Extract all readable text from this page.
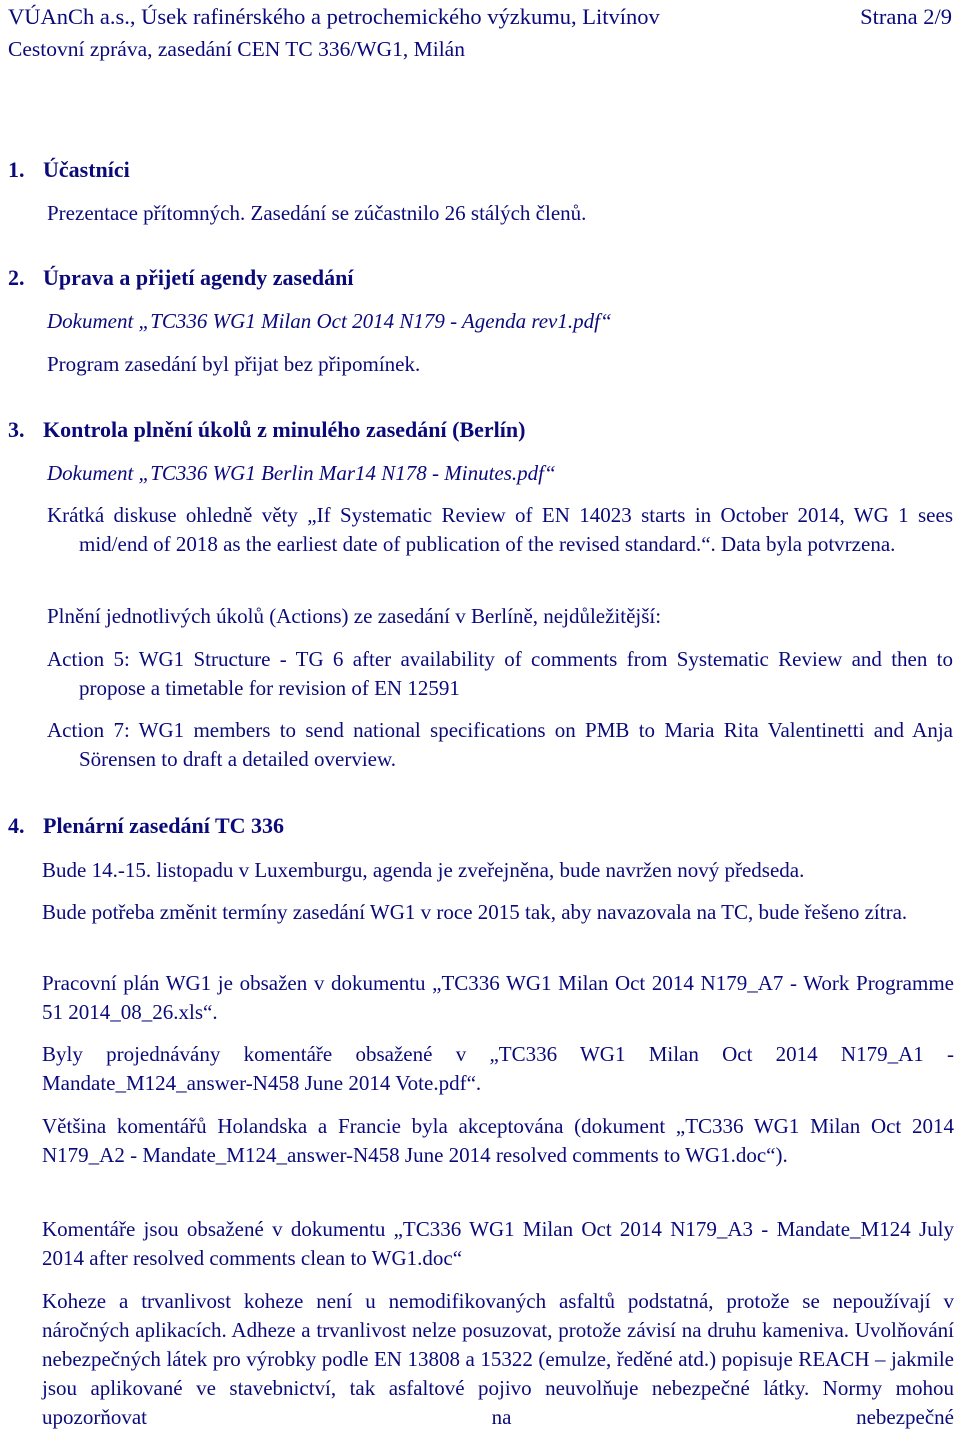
VÚAnCh a.s., Úsek rafinérského a petrochemického výzkumu, Litvínov	Strana 2/9
Cestovní zpráva, zasedání CEN TC 336/WG1, Milán
1. Účastníci
Prezentace přítomných. Zasedání se zúčastnilo 26 stálých členů.
2. Úprava a přijetí agendy zasedání
Dokument „TC336 WG1 Milan Oct 2014 N179 - Agenda rev1.pdf“
Program zasedání byl přijat bez připomínek.
3. Kontrola plnění úkolů z minulého zasedání (Berlín)
Dokument „TC336 WG1 Berlin Mar14 N178 - Minutes.pdf“
Krátká diskuse ohledně věty „If Systematic Review of EN 14023 starts in October 2014, WG 1 sees mid/end of 2018 as the earliest date of publication of the revised standard.“. Data byla potvrzena.
Plnění jednotlivých úkolů (Actions) ze zasedání v Berlíně, nejdůležitější:
Action 5: WG1 Structure - TG 6 after availability of comments from Systematic Review and then to propose a timetable for revision of EN 12591
Action 7: WG1 members to send national specifications on PMB to Maria Rita Valentinetti and Anja Sörensen to draft a detailed overview.
4. Plenární zasedání TC 336
Bude 14.-15. listopadu v Luxemburgu, agenda je zveřejněna, bude navržen nový předseda.
Bude potřeba změnit termíny zasedání WG1 v roce 2015 tak, aby navazovala na TC, bude řešeno zítra.
Pracovní plán WG1 je obsažen v dokumentu „TC336 WG1 Milan Oct 2014 N179_A7 - Work Programme 51 2014_08_26.xls“.
Byly projednávány komentáře obsažené v „TC336 WG1 Milan Oct 2014 N179_A1 - Mandate_M124_answer-N458 June 2014 Vote.pdf“.
Většina komentářů Holandska a Francie byla akceptována (dokument „TC336 WG1 Milan Oct 2014 N179_A2 - Mandate_M124_answer-N458 June 2014 resolved comments to WG1.doc“).
Komentáře jsou obsažené v dokumentu „TC336 WG1 Milan Oct 2014 N179_A3 - Mandate_M124 July 2014 after resolved comments clean to WG1.doc“
Koheze a trvanlivost koheze není u nemodifikovaných asfaltů podstatná, protože se nepoužívají v náročných aplikacích. Adheze a trvanlivost nelze posuzovat, protože závisí na druhu kameniva. Uvolňování nebezpečných látek pro výrobky podle EN 13808 a 15322 (emulze, ředěné atd.) popisuje REACH – jakmile jsou aplikované ve stavebnictví, tak asfaltové pojivo neuvolňuje nebezpečné látky. Normy mohou upozorňovat na nebezpečné
